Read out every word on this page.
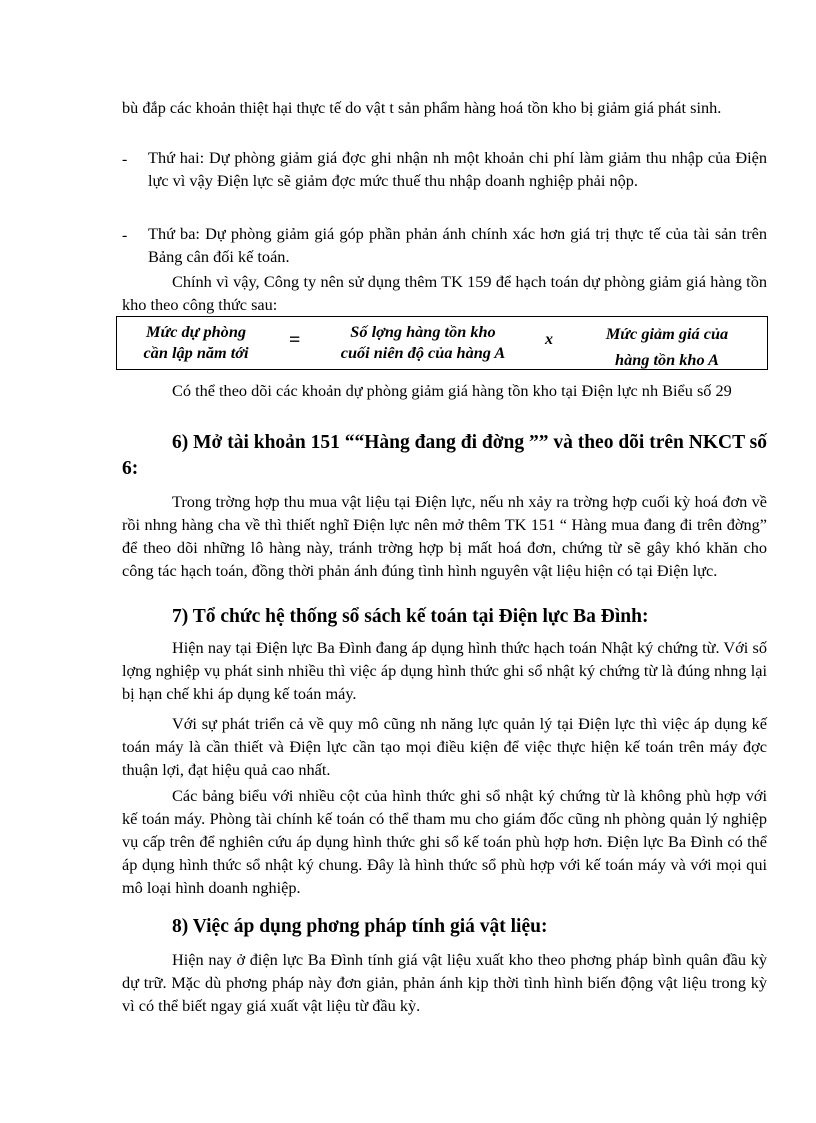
bù đắp các khoản thiệt hại thực tế do vật t sản phẩm hàng hoá tồn kho bị giảm giá phát sinh.

- Thứ hai: Dự phòng giảm giá đợc ghi nhận nh một khoản chi phí làm giảm thu nhập của Điện lực vì vậy Điện lực sẽ giảm đợc mức thuế thu nhập doanh nghiệp phải nộp.

- Thứ ba: Dự phòng giảm giá góp phần phản ánh chính xác hơn giá trị thực tế của tài sản trên Bảng cân đối kế toán.

Chính vì vậy, Công ty nên sử dụng thêm TK 159 để hạch toán dự phòng giảm giá hàng tồn kho theo công thức sau:

Mức dự phòng
cần lập năm tới
=	Số lợng hàng tồn kho
cuối niên độ của hàng A
x	Mức giảm giá của
hàng tồn kho A

Có thể theo dõi các khoản dự phòng giảm giá hàng tồn kho tại Điện lực nh Biểu số 29

6) Mở tài khoản 151 ““Hàng đang đi đờng ”” và theo dõi trên NKCT số 6:

Trong trờng hợp thu mua vật liệu tại Điện lực, nếu nh xảy ra trờng hợp cuối kỳ hoá đơn về rồi nhng hàng cha về thì thiết nghĩ Điện lực nên mở thêm TK 151 “ Hàng mua đang đi trên đờng” để theo dõi những lô hàng này, tránh trờng hợp bị mất hoá đơn, chứng từ sẽ gây khó khăn cho công tác hạch toán, đồng thời phản ánh đúng tình hình nguyên vật liệu hiện có tại Điện lực.

7) Tổ chức hệ thống sổ sách kế toán tại Điện lực Ba Đình:

Hiện nay tại Điện lực Ba Đình đang áp dụng hình thức hạch toán Nhật ký chứng từ. Với số lợng nghiệp vụ phát sinh nhiều thì việc áp dụng hình thức ghi sổ nhật ký chứng từ là đúng nhng lại bị hạn chế khi áp dụng kế toán máy.

Với sự phát triển cả về quy mô cũng nh năng lực quản lý tại Điện lực thì việc áp dụng kế toán máy là cần thiết và Điện lực cần tạo mọi điều kiện để việc thực hiện kế toán trên máy đợc thuận lợi, đạt hiệu quả cao nhất.

Các bảng biểu với nhiều cột của hình thức ghi sổ nhật ký chứng từ là không phù hợp với kế toán máy. Phòng tài chính kế toán có thể tham mu cho giám đốc cũng nh phòng quản lý nghiệp vụ cấp trên để nghiên cứu áp dụng hình thức ghi sổ kế toán phù hợp hơn. Điện lực Ba Đình có thể áp dụng hình thức sổ nhật ký chung. Đây là hình thức sổ phù hợp với kế toán máy và với mọi qui mô loại hình doanh nghiệp.

8) Việc áp dụng phơng pháp tính giá vật liệu:

Hiện nay ở điện lực Ba Đình tính giá vật liệu xuất kho theo phơng pháp bình quân đầu kỳ dự trữ. Mặc dù phơng pháp này đơn giản, phản ánh kịp thời tình hình biến động vật liệu trong kỳ vì có thể biết ngay giá xuất vật liệu từ đầu kỳ.
